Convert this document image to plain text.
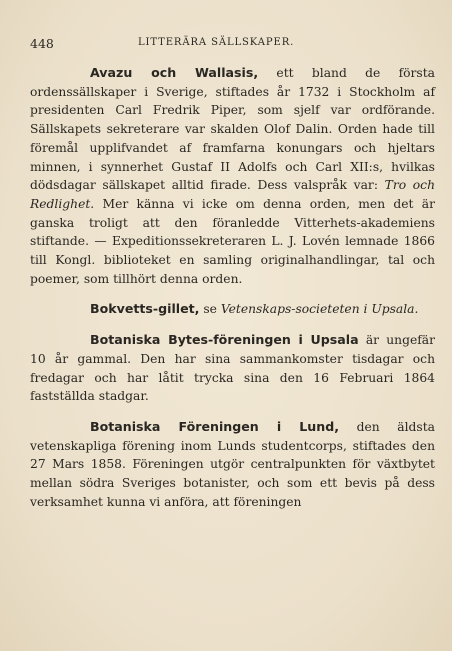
448	LITTERÄRA SÄLLSKAPER.

Avazu och Wallasis, ett bland de första ordenssällskaper i Sverige, stiftades år 1732 i Stockholm af presidenten Carl Fredrik Piper, som sjelf var ordförande. Sällskapets sekreterare var skalden Olof Dalin. Orden hade till föremål upplifvandet af framfarna konungars och hjeltars minnen, i synnerhet Gustaf II Adolfs och Carl XII:s, hvilkas dödsdagar sällskapet alltid firade. Dess valspråk var: Tro och Redlighet. Mer känna vi icke om denna orden, men det är ganska troligt att den föranledde Vitterhets-akademiens stiftande. — Expeditionssekreteraren L. J. Lovén lemnade 1866 till Kongl. biblioteket en samling originalhandlingar, tal och poemer, som tillhört denna orden.

Bokvetts-gillet, se Vetenskaps-societeten i Upsala.

Botaniska Bytes-föreningen i Upsala är ungefär 10 år gammal. Den har sina sammankomster tisdagar och fredagar och har låtit trycka sina den 16 Februari 1864 fastställda stadgar.

Botaniska Föreningen i Lund, den äldsta vetenskapliga förening inom Lunds studentcorps, stiftades den 27 Mars 1858. Föreningen utgör centralpunkten för växtbytet mellan södra Sveriges botanister, och som ett bevis på dess verksamhet kunna vi anföra, att föreningen
